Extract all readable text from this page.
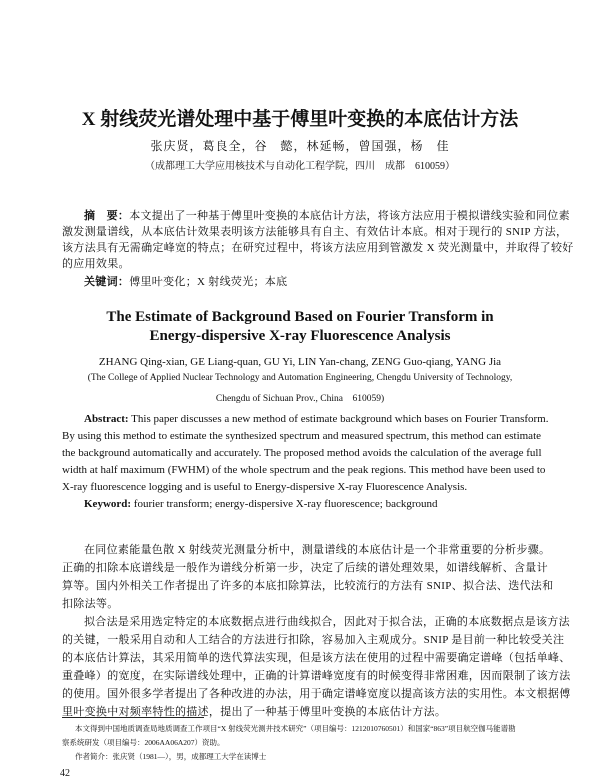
X 射线荧光谱处理中基于傅里叶变换的本底估计方法
张庆贤，葛良全，谷　懿，林延畅，曾国强，杨　佳
（成都理工大学应用核技术与自动化工程学院，四川　成都　610059）
摘　要：本文提出了一种基于傅里叶变换的本底估计方法，将该方法应用于模拟谱线实验和同位素
激发测量谱线，从本底估计效果表明该方法能够具有自主、有效估计本底。相对于现行的 SNIP 方法，
该方法具有无需确定峰宽的特点；在研究过程中，将该方法应用到管激发 X 荧光测量中，并取得了较好
的应用效果。
关键词：傅里叶变化；X 射线荧光；本底
The Estimate of Background Based on Fourier Transform in
Energy-dispersive X-ray Fluorescence Analysis
ZHANG Qing-xian, GE Liang-quan, GU Yi, LIN Yan-chang, ZENG Guo-qiang, YANG Jia
(The College of Applied Nuclear Technology and Automation Engineering, Chengdu University of Technology,
Chengdu of Sichuan Prov., China　610059)
Abstract: This paper discusses a new method of estimate background which bases on Fourier Transform.
By using this method to estimate the synthesized spectrum and measured spectrum, this method can estimate
the background automatically and accurately. The proposed method avoids the calculation of the average full
width at half maximum (FWHM) of the whole spectrum and the peak regions. This method have been used to
X-ray fluorescence logging and is useful to Energy-dispersive X-ray Fluorescence Analysis.
Keyword: fourier transform; energy-dispersive X-ray fluorescence; background
在同位素能量色散 X 射线荧光测量分析中，测量谱线的本底估计是一个非常重要的分析步骤。
正确的扣除本底谱线是一般作为谱线分析第一步，决定了后续的谱处理效果，如谱线解析、含量计
算等。国内外相关工作者提出了许多的本底扣除算法，比较流行的方法有 SNIP、拟合法、迭代法和
扣除法等。
拟合法是采用选定特定的本底数据点进行曲线拟合，因此对于拟合法，正确的本底数据点是该方法
的关键，一般采用自动和人工结合的方法进行扣除，容易加入主观成分。SNIP 是目前一种比较受关注
的本底估计算法，其采用简单的迭代算法实现，但是该方法在使用的过程中需要确定谱峰（包括单峰、
重叠峰）的宽度，在实际谱线处理中，正确的计算谱峰宽度有的时候变得非常困难，因而限制了该方法
的使用。国外很多学者提出了各种改进的办法，用于确定谱峰宽度以提高该方法的实用性。本文根据傅
里叶变换中对频率特性的描述，提出了一种基于傅里叶变换的本底估计方法。
本文得到中国地质调查局地质调查工作项目“X 射线荧光测井技术研究”（项目编号：1212010760501）和国家“863”项目航空伽马能谱勘
察系统研发（项目编号：2006AA06A207）资助。
作者简介：张庆贤（1981—），男，成都理工大学在读博士
42
